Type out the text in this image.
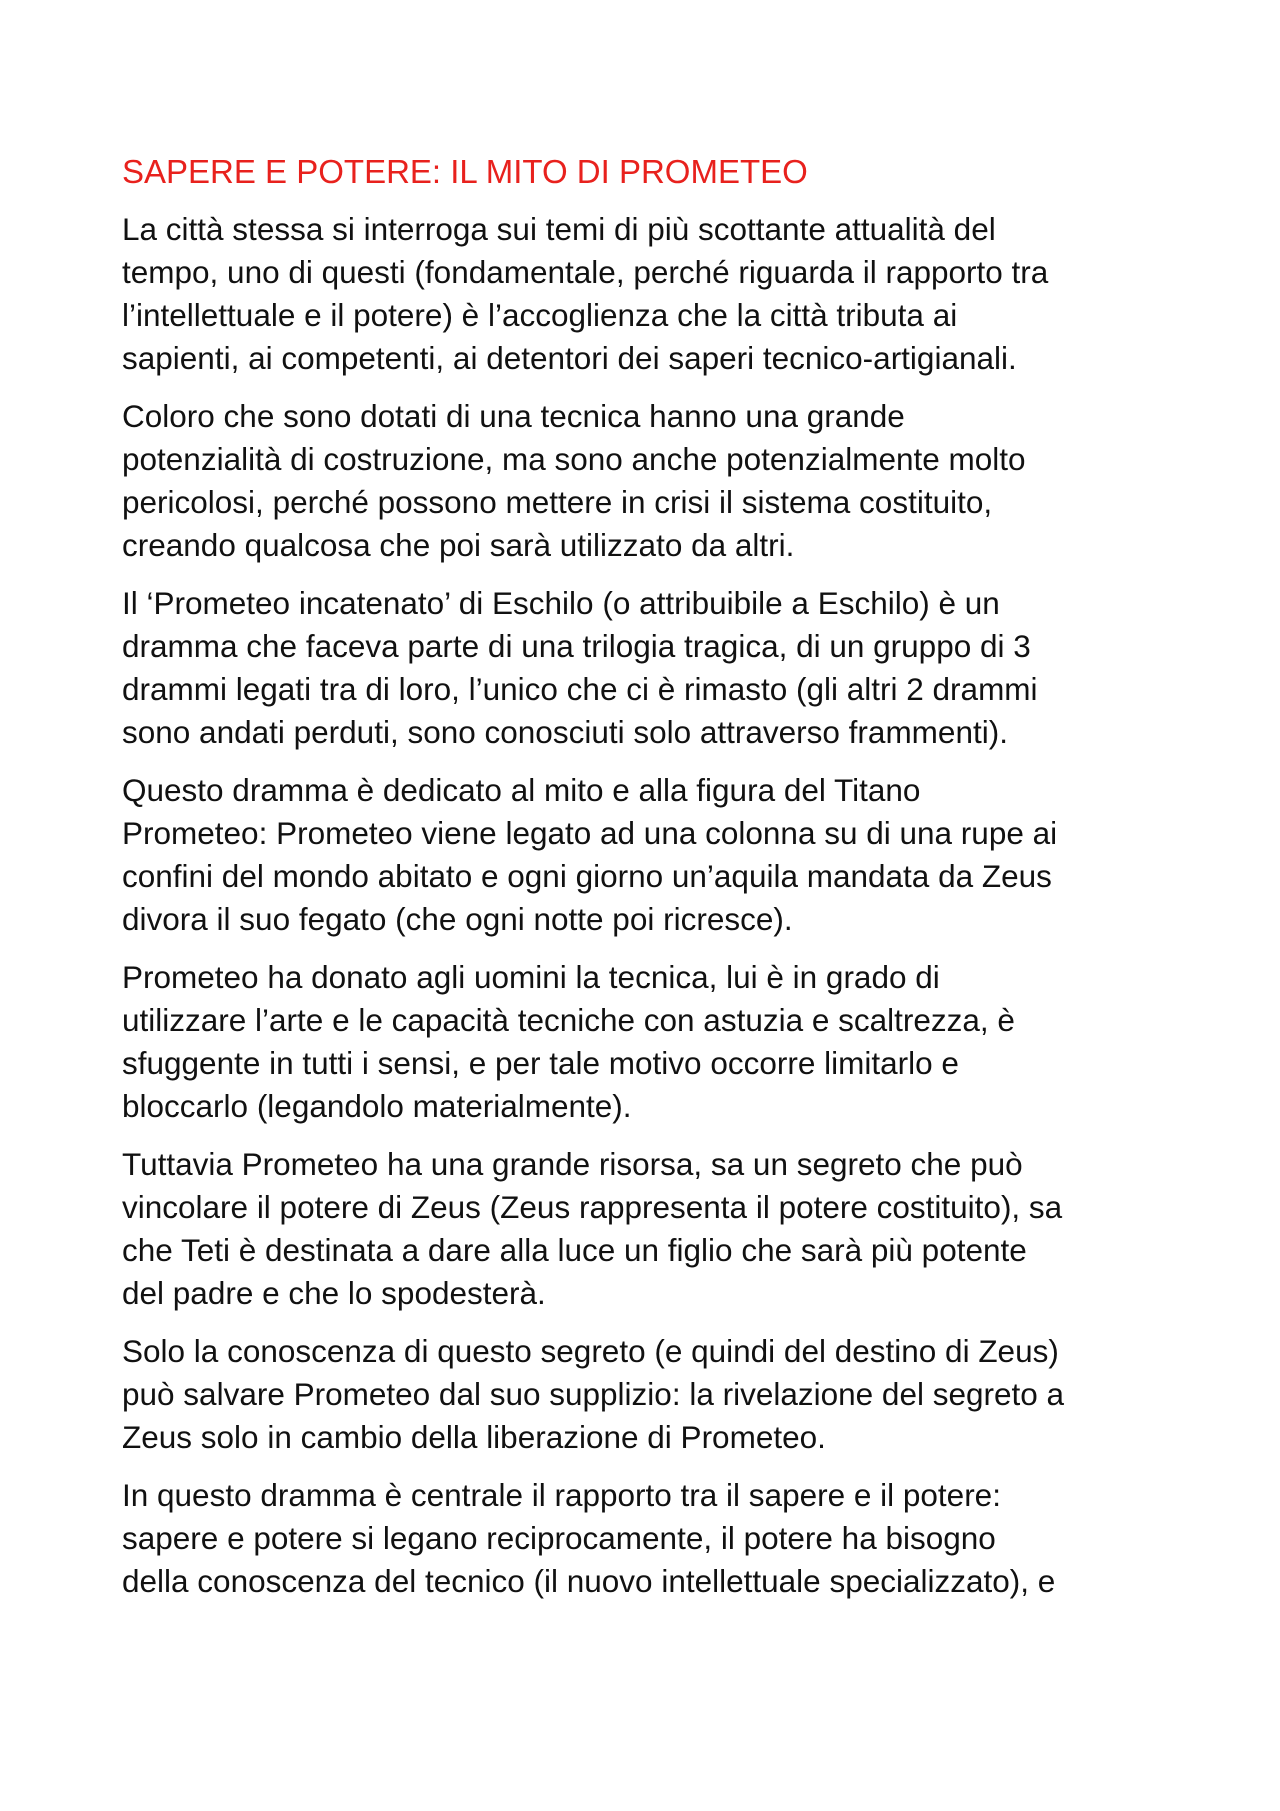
SAPERE E POTERE: IL MITO DI PROMETEO

La città stessa si interroga sui temi di più scottante attualità del
tempo, uno di questi (fondamentale, perché riguarda il rapporto tra
l’intellettuale e il potere) è l’accoglienza che la città tributa ai
sapienti, ai competenti, ai detentori dei saperi tecnico-artigianali.

Coloro che sono dotati di una tecnica hanno una grande
potenzialità di costruzione, ma sono anche potenzialmente molto
pericolosi, perché possono mettere in crisi il sistema costituito,
creando qualcosa che poi sarà utilizzato da altri.

Il ‘Prometeo incatenato’ di Eschilo (o attribuibile a Eschilo) è un
dramma che faceva parte di una trilogia tragica, di un gruppo di 3
drammi legati tra di loro, l’unico che ci è rimasto (gli altri 2 drammi
sono andati perduti, sono conosciuti solo attraverso frammenti).

Questo dramma è dedicato al mito e alla figura del Titano
Prometeo: Prometeo viene legato ad una colonna su di una rupe ai
confini del mondo abitato e ogni giorno un’aquila mandata da Zeus
divora il suo fegato (che ogni notte poi ricresce).

Prometeo ha donato agli uomini la tecnica, lui è in grado di
utilizzare l’arte e le capacità tecniche con astuzia e scaltrezza, è
sfuggente in tutti i sensi, e per tale motivo occorre limitarlo e
bloccarlo (legandolo materialmente).

Tuttavia Prometeo ha una grande risorsa, sa un segreto che può
vincolare il potere di Zeus (Zeus rappresenta il potere costituito), sa
che Teti è destinata a dare alla luce un figlio che sarà più potente
del padre e che lo spodesterà.

Solo la conoscenza di questo segreto (e quindi del destino di Zeus)
può salvare Prometeo dal suo supplizio: la rivelazione del segreto a
Zeus solo in cambio della liberazione di Prometeo.

In questo dramma è centrale il rapporto tra il sapere e il potere:
sapere e potere si legano reciprocamente, il potere ha bisogno
della conoscenza del tecnico (il nuovo intellettuale specializzato), e
